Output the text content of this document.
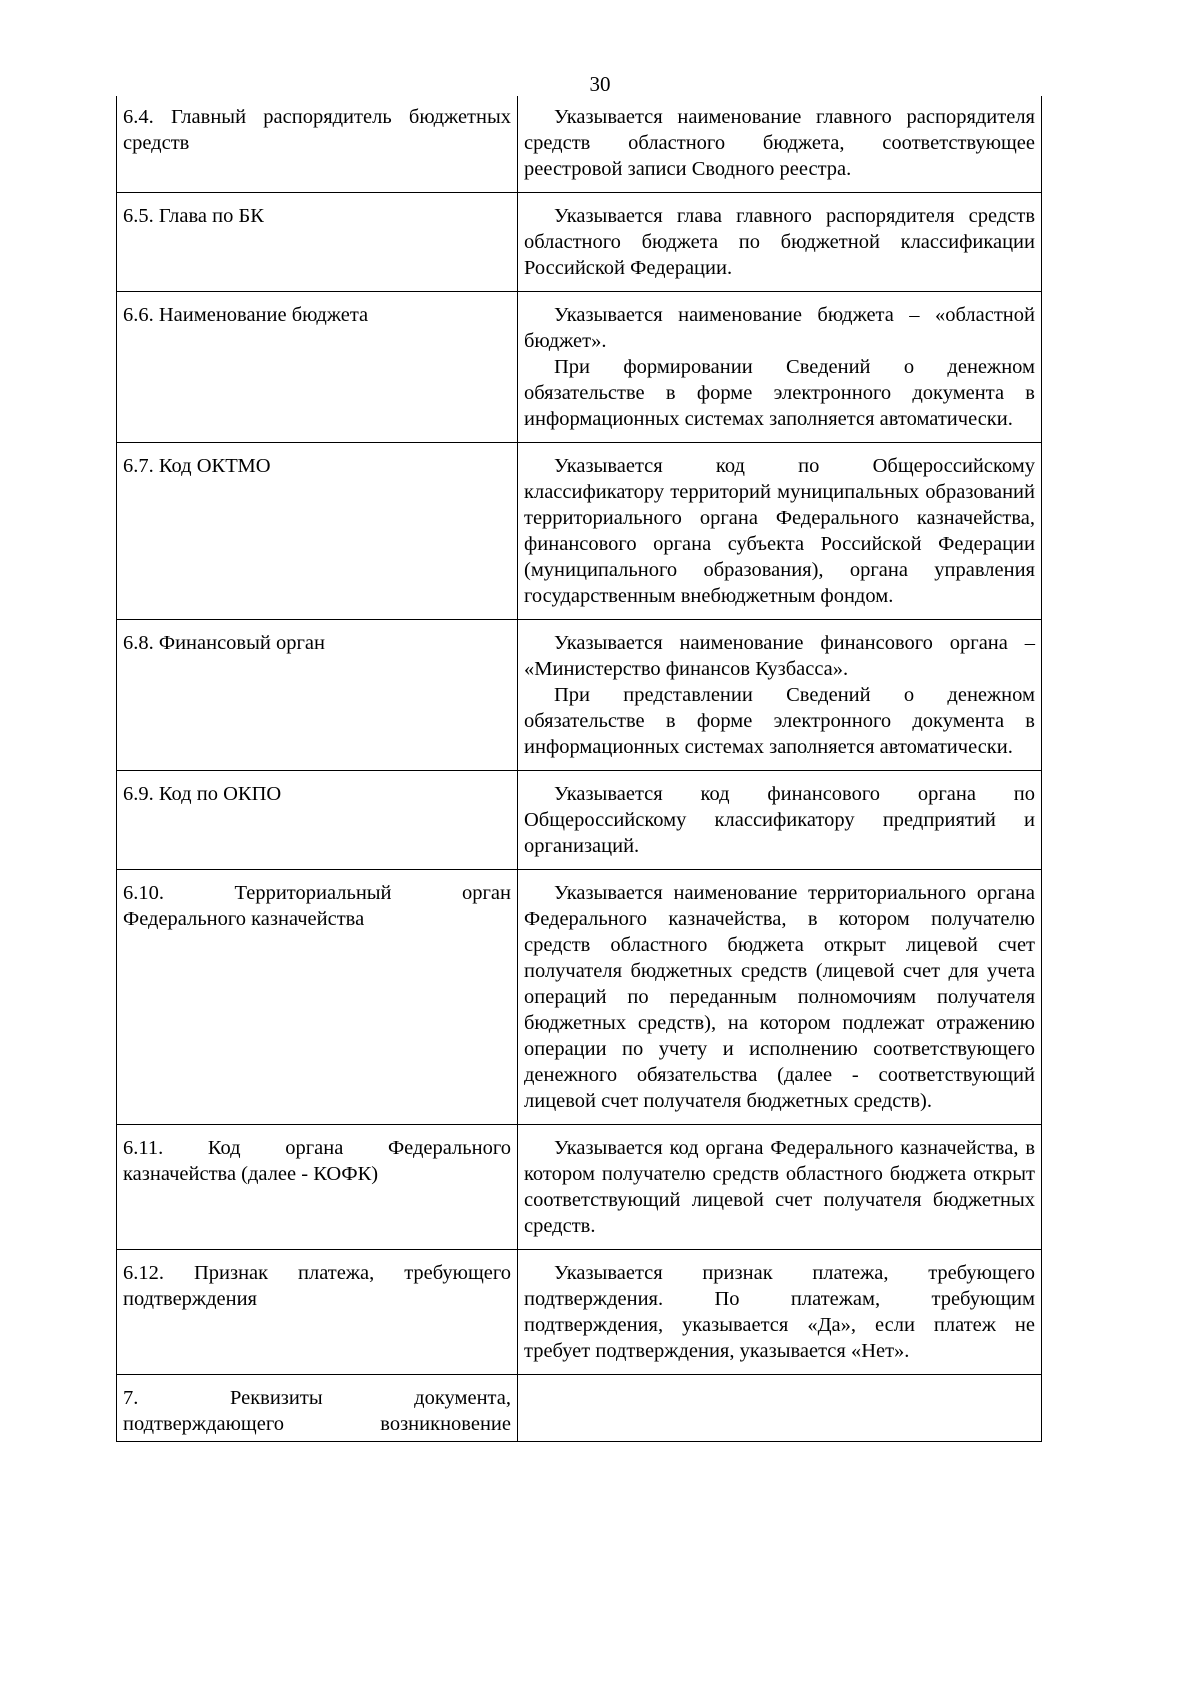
30
6.4. Главный распорядитель бюджетных
средств	Указывается наименование главного распорядителя средств областного бюджета, соответствующее реестровой записи Сводного реестра.

6.5. Глава по БК	Указывается глава главного распорядителя средств областного бюджета по бюджетной классификации Российской Федерации.

6.6. Наименование бюджета	Указывается наименование бюджета – «областной бюджет».

При формировании Сведений о денежном обязательстве в форме электронного документа в информационных системах заполняется автоматически.

6.7. Код ОКТМО	Указывается код по Общероссийскому классификатору территорий муниципальных образований территориального органа Федерального казначейства, финансового органа субъекта Российской Федерации (муниципального образования), органа управления государственным внебюджетным фондом.

6.8. Финансовый орган	Указывается наименование финансового органа – «Министерство финансов Кузбасса».

При представлении Сведений о денежном обязательстве в форме электронного документа в информационных системах заполняется автоматически.

6.9. Код по ОКПО	Указывается код финансового органа по Общероссийскому классификатору предприятий и организаций.

6.10. Территориальный орган
Федерального казначейства	Указывается наименование территориального органа Федерального казначейства, в котором получателю средств областного бюджета открыт лицевой счет получателя бюджетных средств (лицевой счет для учета операций по переданным полномочиям получателя бюджетных средств), на котором подлежат отражению операции по учету и исполнению соответствующего денежного обязательства (далее - соответствующий лицевой счет получателя бюджетных средств).

6.11. Код органа Федерального
казначейства (далее - КОФК)	Указывается код органа Федерального казначейства, в котором получателю средств областного бюджета открыт соответствующий лицевой счет получателя бюджетных средств.

6.12. Признак платежа, требующего
подтверждения	Указывается признак платежа, требующего подтверждения. По платежам, требующим подтверждения, указывается «Да», если платеж не требует подтверждения, указывается «Нет».

7. Реквизиты документа,
подтверждающего возникновение	
